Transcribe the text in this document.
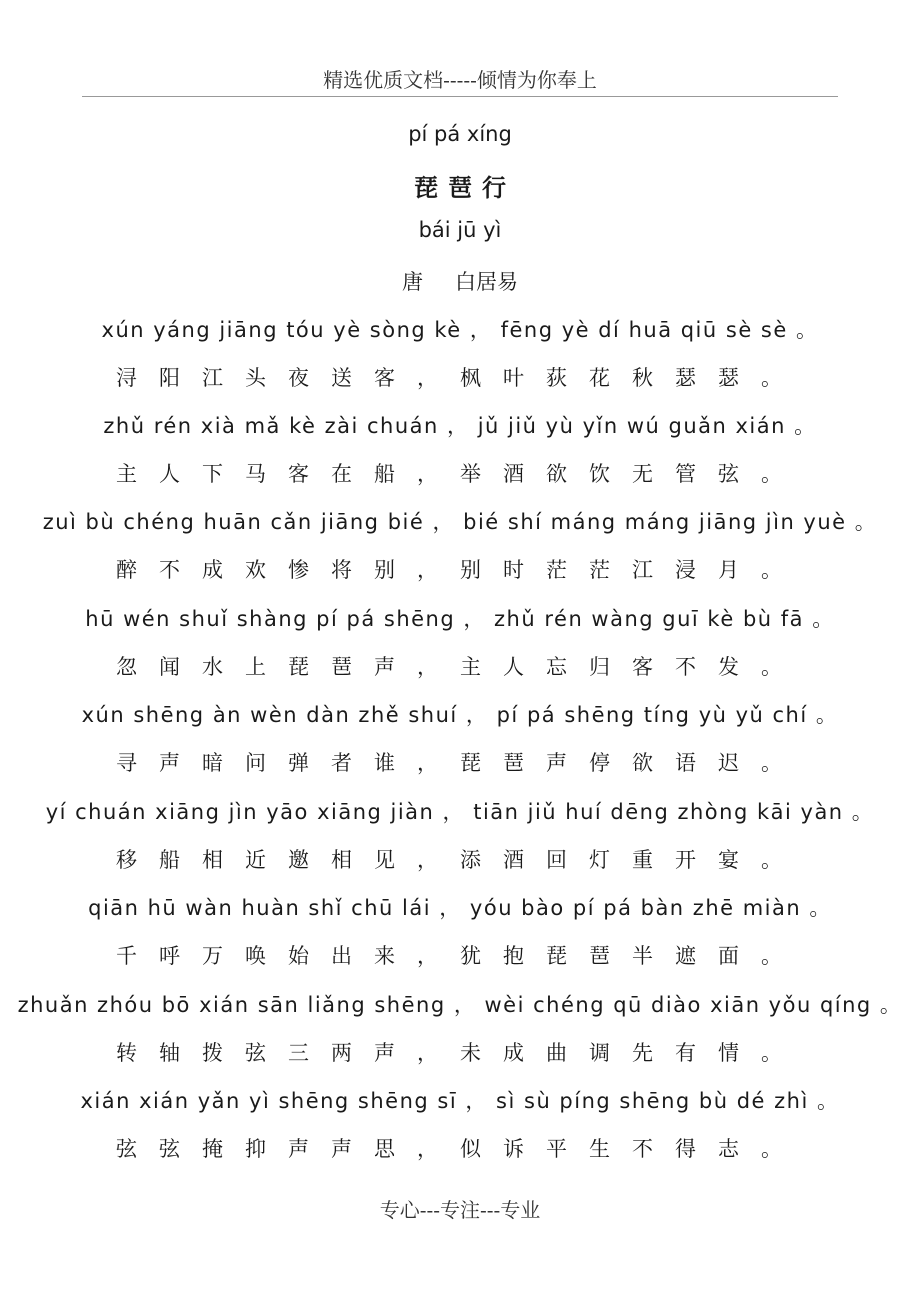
精选优质文档-----倾情为你奉上
pí pá xíng
琵琶行
bái jū yì
唐 白居易
xún yáng jiāng tóu yè sòng kè ， fēng yè dí huā qiū sè sè 。
浔阳江头夜送客，枫叶荻花秋瑟瑟。
zhǔ rén xià mǎ kè zài chuán ， jǔ jiǔ yù yǐn wú guǎn xián 。
主人下马客在船，举酒欲饮无管弦。
zuì bù chéng huān cǎn jiāng bié ， bié shí máng máng jiāng jìn yuè 。
醉不成欢惨将别，别时茫茫江浸月。
hū wén shuǐ shàng pí pá shēng ， zhǔ rén wàng guī kè bù fā 。
忽闻水上琵琶声，主人忘归客不发。
xún shēng àn wèn dàn zhě shuí ， pí pá shēng tíng yù yǔ chí 。
寻声暗问弹者谁，琵琶声停欲语迟。
yí chuán xiāng jìn yāo xiāng jiàn ， tiān jiǔ huí dēng zhòng kāi yàn 。
移船相近邀相见，添酒回灯重开宴。
qiān hū wàn huàn shǐ chū lái ， yóu bào pí pá bàn zhē miàn 。
千呼万唤始出来，犹抱琵琶半遮面。
zhuǎn zhóu bō xián sān liǎng shēng ， wèi chéng qū diào xiān yǒu qíng 。
转轴拨弦三两声，未成曲调先有情。
xián xián yǎn yì shēng shēng sī ， sì sù píng shēng bù dé zhì 。
弦弦掩抑声声思，似诉平生不得志。
专心---专注---专业
